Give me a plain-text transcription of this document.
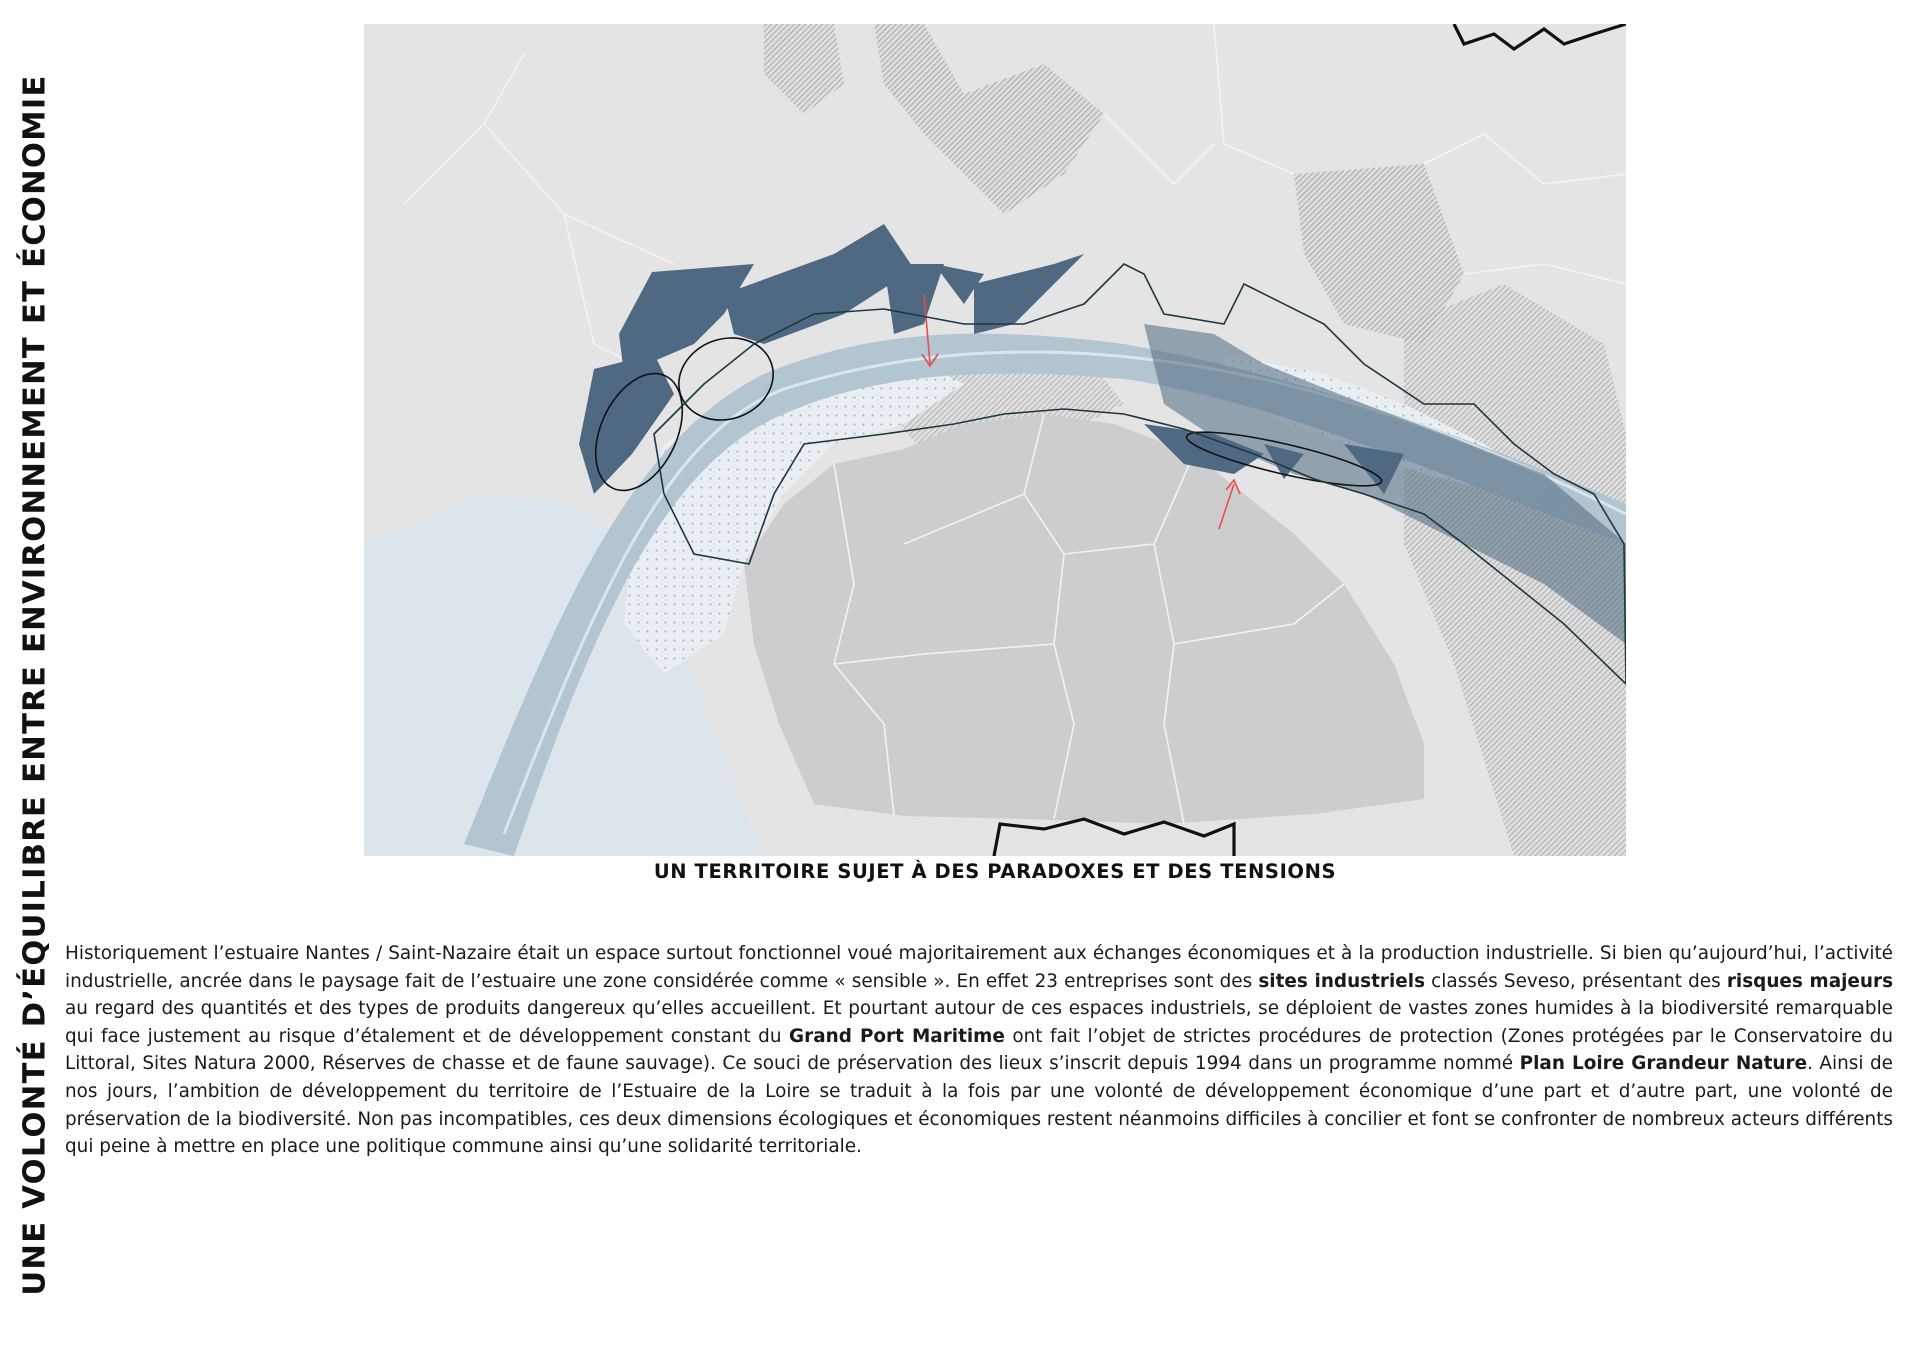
UNE VOLONTÉ D’ÉQUILIBRE ENTRE ENVIRONNEMENT ET ÉCONOMIE	UN TERRITOIRE SUJET À DES PARADOXES ET DES TENSIONS

Historiquement l’estuaire Nantes / Saint-Nazaire était un espace surtout fonctionnel voué majoritairement aux échanges économiques et à la production industrielle. Si bien qu’aujourd’hui, l’activité industrielle, ancrée dans le paysage fait de l’estuaire une zone considérée comme « sensible ». En effet 23 entreprises sont des sites industriels classés Seveso, présentant des risques majeurs au regard des quantités et des types de produits dangereux qu’elles accueillent. Et pourtant autour de ces espaces industriels, se déploient de vastes zones humides à la biodiversité remarquable qui face justement au risque d’étalement et de développement constant du Grand Port Maritime ont fait l’objet de strictes procédures de protection (Zones protégées par le Conservatoire du Littoral, Sites Natura 2000, Réserves de chasse et de faune sauvage). Ce souci de préservation des lieux s’inscrit depuis 1994 dans un programme nommé Plan Loire Grandeur Nature. Ainsi de nos jours, l’ambition de développement du territoire de l’Estuaire de la Loire se traduit à la fois par une volonté de développement économique d’une part et d’autre part, une volonté de préservation de la biodiversité. Non pas incompatibles, ces deux dimensions écologiques et économiques restent néanmoins difficiles à concilier et font se confronter de nombreux acteurs différents qui peine à mettre en place une politique commune ainsi qu’une solidarité territoriale.
